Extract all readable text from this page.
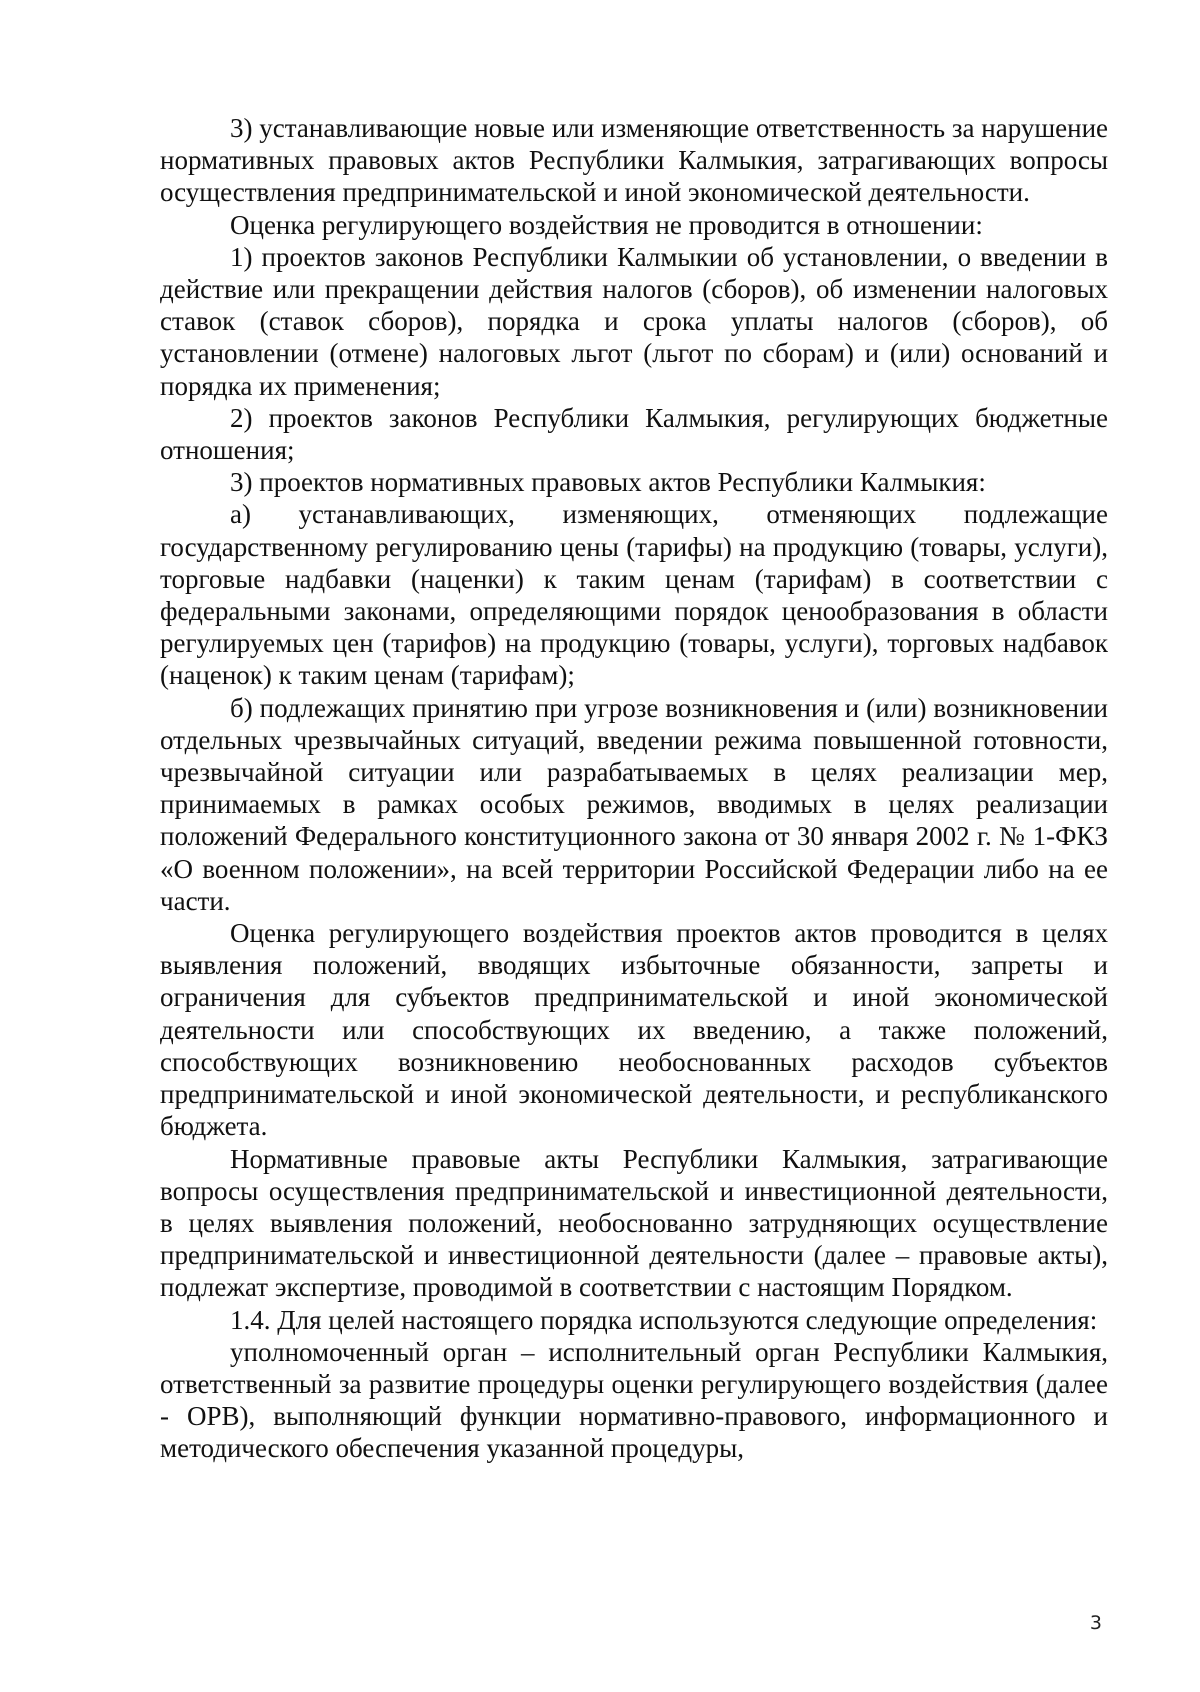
3) устанавливающие новые или изменяющие ответственность за нарушение нормативных правовых актов Республики Калмыкия, затрагивающих вопросы осуществления предпринимательской и иной экономической деятельности.

Оценка регулирующего воздействия не проводится в отношении:

1) проектов законов Республики Калмыкии об установлении, о введении в действие или прекращении действия налогов (сборов), об изменении налоговых ставок (ставок сборов), порядка и срока уплаты налогов (сборов), об установлении (отмене) налоговых льгот (льгот по сборам) и (или) оснований и порядка их применения;

2) проектов законов Республики Калмыкия, регулирующих бюджетные отношения;

3) проектов нормативных правовых актов Республики Калмыкия:

а) устанавливающих, изменяющих, отменяющих подлежащие государственному регулированию цены (тарифы) на продукцию (товары, услуги), торговые надбавки (наценки) к таким ценам (тарифам) в соответствии с федеральными законами, определяющими порядок ценообразования в области регулируемых цен (тарифов) на продукцию (товары, услуги), торговых надбавок (наценок) к таким ценам (тарифам);

б) подлежащих принятию при угрозе возникновения и (или) возникновении отдельных чрезвычайных ситуаций, введении режима повышенной готовности, чрезвычайной ситуации или разрабатываемых в целях реализации мер, принимаемых в рамках особых режимов, вводимых в целях реализации положений Федерального конституционного закона от 30 января 2002 г. № 1-ФКЗ «О военном положении», на всей территории Российской Федерации либо на ее части.

Оценка регулирующего воздействия проектов актов проводится в целях выявления положений, вводящих избыточные обязанности, запреты и ограничения для субъектов предпринимательской и иной экономической деятельности или способствующих их введению, а также положений, способствующих возникновению необоснованных расходов субъектов предпринимательской и иной экономической деятельности, и республиканского бюджета.

Нормативные правовые акты Республики Калмыкия, затрагивающие вопросы осуществления предпринимательской и инвестиционной деятельности, в целях выявления положений, необоснованно затрудняющих осуществление предпринимательской и инвестиционной деятельности (далее – правовые акты), подлежат экспертизе, проводимой в соответствии с настоящим Порядком.

1.4. Для целей настоящего порядка используются следующие определения:

уполномоченный орган – исполнительный орган Республики Калмыкия, ответственный за развитие процедуры оценки регулирующего воздействия (далее - ОРВ), выполняющий функции нормативно-правового, информационного и методического обеспечения указанной процедуры,

3
